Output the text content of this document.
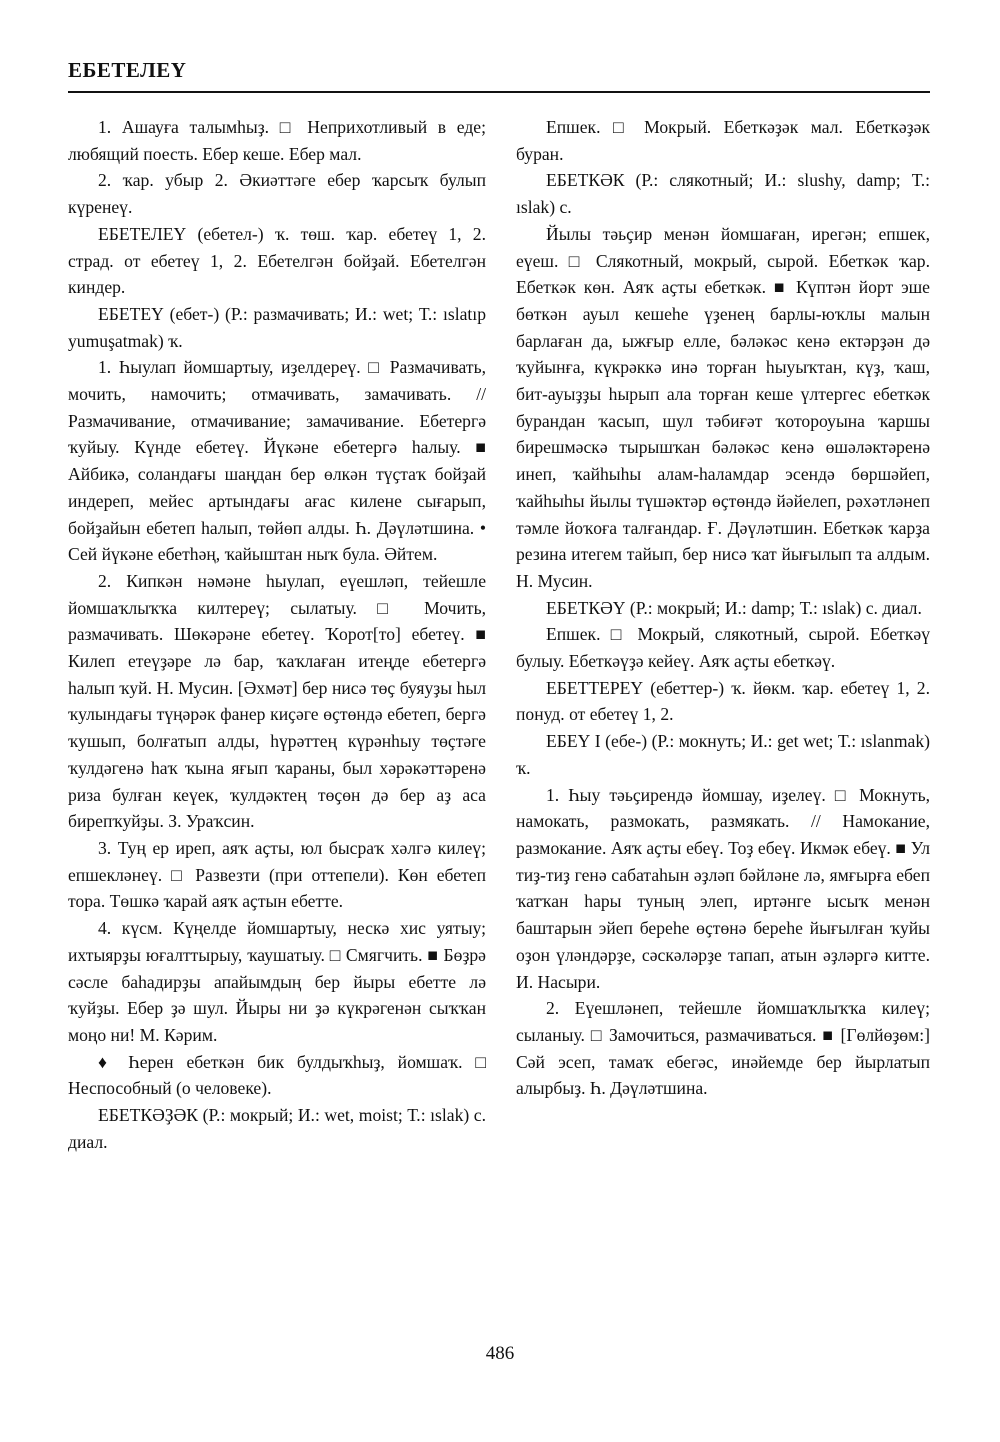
ЕБЕТЕЛЕҮ

1. Ашауға талымһыҙ. □ Неприхотливый в еде; любящий поесть. Ебер кеше. Ебер мал.

2. ҡар. убыр 2. Әкиәттәге ебер ҡарсыҡ булып күренеү.

ЕБЕТЕЛЕҮ (ебетел-) ҡ. төш. ҡар. ебетеү 1, 2. страд. от ебетеү 1, 2. Ебетелгән бойҙай. Ебетелгән киндер.

ЕБЕТЕҮ (ебет-) (Р.: размачивать; И.: wet; Т.: ıslatıp yumuşatmak) ҡ.

1. Һыулап йомшартыу, иҙелдереү. □ Размачивать, мочить, намочить; отмачивать, замачивать. // Размачивание, отмачивание; замачивание. Ебетергә ҡуйыу. Күнде ебетеү. Йүкәне ебетергә һалыу. ■ Айбикә, соландағы шаңдан бер өлкән түҫтаҡ бойҙай индереп, мейес артындағы ағас килене сығарып, бойҙайын ебетеп һалып, төйөп алды. Һ. Дәүләтшина. • Сей йүкәне ебетһәң, ҡайыштан ныҡ була. Әйтем.

2. Кипкән нәмәне һыулап, еүешләп, тейешле йомшаҡлыҡҡа килтереү; сылатыу. □ Мочить, размачивать. Шөкәрәне ебетеү. Ҡорот[то] ебетеү. ■ Килеп етеүҙәре лә бар, ҡаҡлаған итеңде ебетергә һалып ҡуй. Н. Мусин. [Әхмәт] бер нисә төҫ буяуҙы һыл ҡулындағы түңәрәк фанер киҫәге өҫтөндә ебетеп, бергә ҡушып, болғатып алды, һүрәттең күрәнһыу төҫтәге ҡулдәгенә һаҡ ҡына яғып ҡараны, был хәрәкәттәренә риза булған кеүек, ҡулдәктең төҫөн дә бер аҙ аса бирепҡуйҙы. З. Ураҡсин.

3. Туң ер иреп, аяҡ аҫты, юл бысраҡ хәлгә килеү; епшекләнеү. □ Развезти (при оттепели). Көн ебетеп тора. Төшкә ҡарай аяҡ аҫтын ебетте.

4. күсм. Күңелде йомшартыу, нескә хис уятыу; ихтыярҙы юғалттырыу, ҡаушатыу. □ Смягчить. ■ Бөҙрә сәсле баһадирҙы апайымдың бер йыры ебетте лә ҡуйҙы. Ебер ҙә шул. Йыры ни ҙә күкрәгенән сыҡҡан моңо ни! М. Кәрим.

♦ Һерен ебеткән бик булдыҡһыҙ, йомшаҡ. □ Неспособный (о человеке).

ЕБЕТКӘҘӘК (Р.: мокрый; И.: wet, moist; Т.: ıslak) с. диал.

Епшек. □ Мокрый. Ебеткәҙәк мал. Ебеткәҙәк буран.

ЕБЕТКӘК (Р.: слякотный; И.: slushy, damp; Т.: ıslak) с.

Йылы тәьҫир менән йомшаған, ирегән; епшек, еүеш. □ Слякотный, мокрый, сырой. Ебеткәк ҡар. Ебеткәк көн. Аяҡ аҫты ебеткәк. ■ Күптән йорт эше бөткән ауыл кешеһе үҙенең барлы-юҡлы малын барлаған да, ыжғыр елле, бәләкәс кенә ектәрҙән дә ҡуйынға, күкрәккә инә торған һыуыҡтан, күҙ, ҡаш, бит-ауыҙҙы һырып ала торған кеше үлтергес ебеткәк бурандан ҡасып, шул тәбиғәт ҡотороуына ҡаршы бирешмәскә тырышҡан бәләкәс кенә өшәләктәренә инеп, ҡайһыһы алам-һаламдар эсендә бөршәйеп, ҡайһыһы йылы түшәктәр өҫтөндә йәйелеп, рәхәтләнеп тәмле йоҡоға талғандар. Ғ. Дәүләтшин. Ебеткәк ҡарҙа резина итегем тайып, бер нисә ҡат йығылып та алдым. Н. Мусин.

ЕБЕТКӘҮ (Р.: мокрый; И.: damp; Т.: ıslak) с. диал.

Епшек. □ Мокрый, слякотный, сырой. Ебеткәү булыу. Ебеткәүҙә кейеү. Аяҡ аҫты ебеткәү.

ЕБЕТТЕРЕҮ (ебеттер-) ҡ. йөкм. ҡар. ебетеү 1, 2. понуд. от ебетеү 1, 2.

ЕБЕҮ I (ебе-) (Р.: мокнуть; И.: get wet; Т.: ıslanmak) ҡ.

1. Һыу тәьҫирендә йомшау, иҙелеү. □ Мокнуть, намокать, размокать, размякать. // Намокание, размокание. Аяҡ аҫты ебеү. Тоҙ ебеү. Икмәк ебеү. ■ Ул тиҙ-тиҙ генә сабатаһын әҙләп бәйләне лә, ямғырға ебеп ҡатҡан һары туның элеп, иртәнге ысыҡ менән баштарын эйеп береһе өҫтөнә береһе йығылған ҡуйы оҙон үләндәрҙе, сәскәләрҙе тапап, атын әҙләргә китте. И. Насыри.

2. Еүешләнеп, тейешле йомшаҡлыҡҡа килеү; сыланыу. □ Замочиться, размачиваться. ■ [Гөлйөҙөм:] Сәй эсеп, тамаҡ ебегәс, инәйемде бер йырлатып алырбыҙ. Һ. Дәүләтшина.

486
